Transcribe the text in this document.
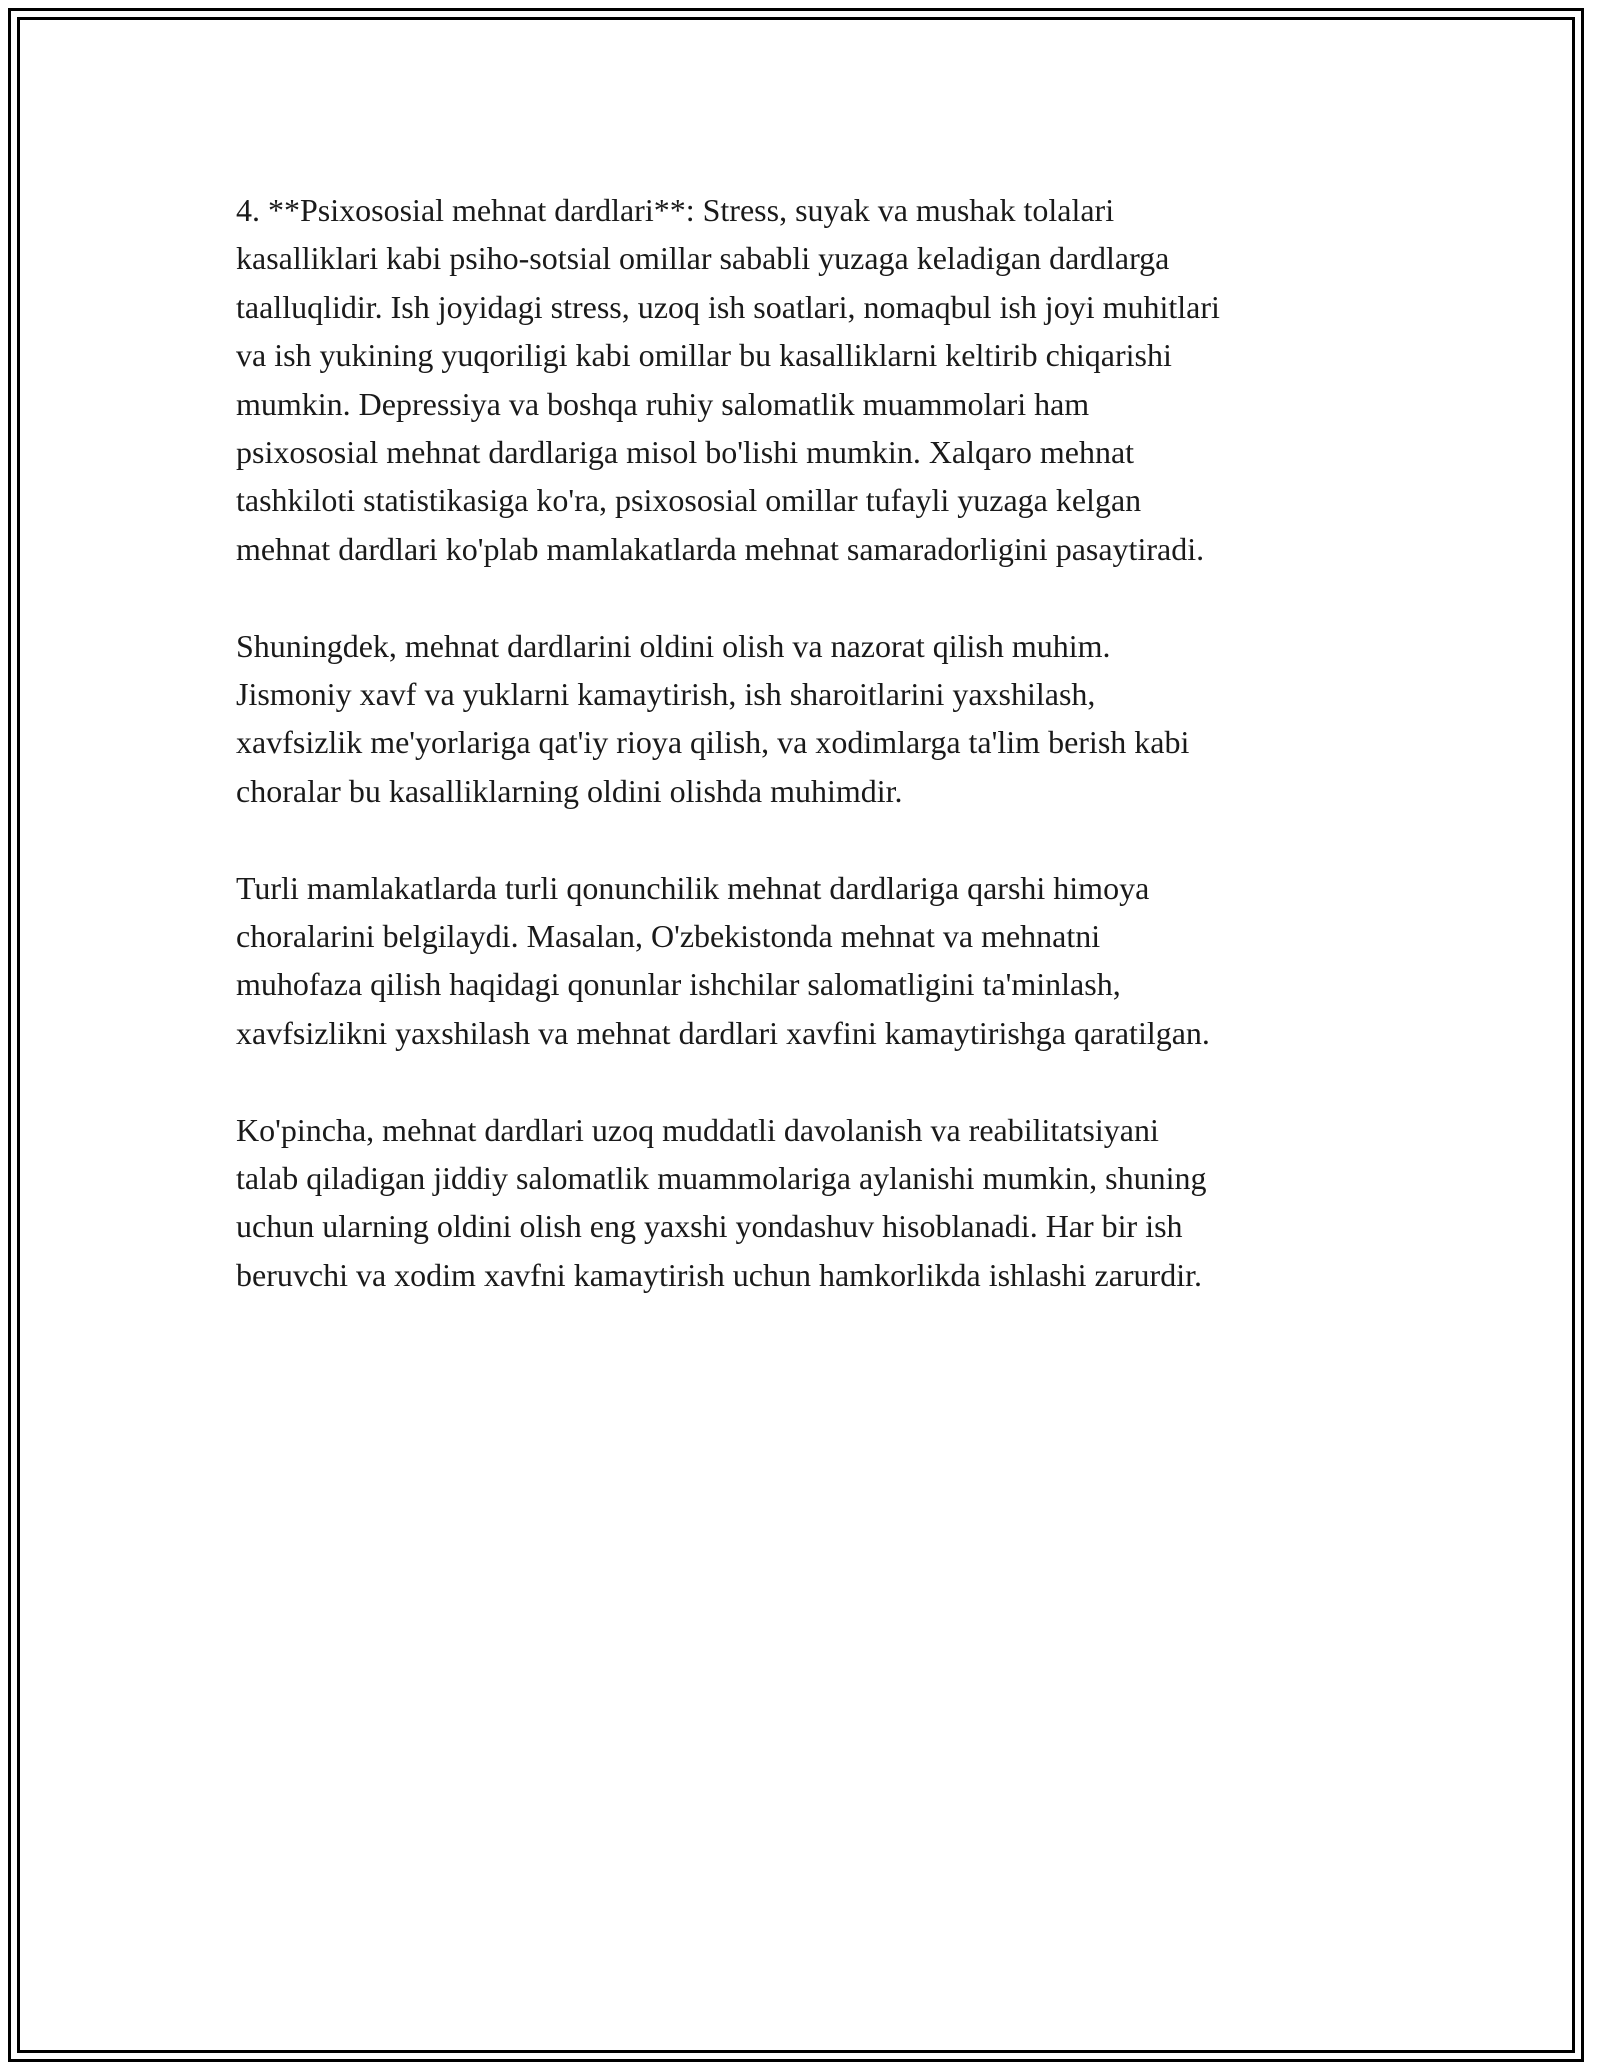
4. **Psixososial mehnat dardlari**: Stress, suyak va mushak tolalari
kasalliklari kabi psiho-sotsial omillar sababli yuzaga keladigan dardlarga
taalluqlidir. Ish joyidagi stress, uzoq ish soatlari, nomaqbul ish joyi muhitlari
va ish yukining yuqoriligi kabi omillar bu kasalliklarni keltirib chiqarishi
mumkin. Depressiya va boshqa ruhiy salomatlik muammolari ham
psixososial mehnat dardlariga misol bo'lishi mumkin. Xalqaro mehnat
tashkiloti statistikasiga ko'ra, psixososial omillar tufayli yuzaga kelgan
mehnat dardlari ko'plab mamlakatlarda mehnat samaradorligini pasaytiradi.

Shuningdek, mehnat dardlarini oldini olish va nazorat qilish muhim.
Jismoniy xavf va yuklarni kamaytirish, ish sharoitlarini yaxshilash,
xavfsizlik me'yorlariga qat'iy rioya qilish, va xodimlarga ta'lim berish kabi
choralar bu kasalliklarning oldini olishda muhimdir.

Turli mamlakatlarda turli qonunchilik mehnat dardlariga qarshi himoya
choralarini belgilaydi. Masalan, O'zbekistonda mehnat va mehnatni
muhofaza qilish haqidagi qonunlar ishchilar salomatligini ta'minlash,
xavfsizlikni yaxshilash va mehnat dardlari xavfini kamaytirishga qaratilgan.

Ko'pincha, mehnat dardlari uzoq muddatli davolanish va reabilitatsiyani
talab qiladigan jiddiy salomatlik muammolariga aylanishi mumkin, shuning
uchun ularning oldini olish eng yaxshi yondashuv hisoblanadi. Har bir ish
beruvchi va xodim xavfni kamaytirish uchun hamkorlikda ishlashi zarurdir.
